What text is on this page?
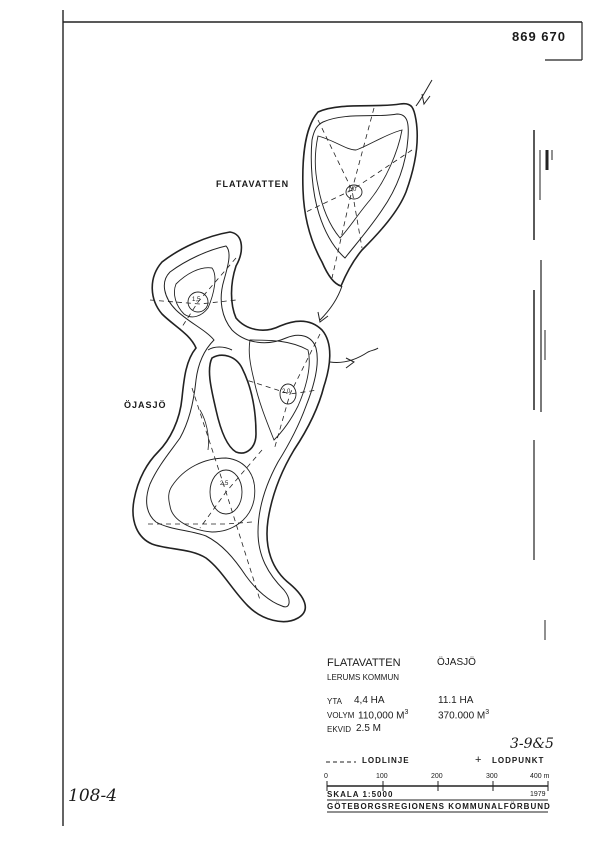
869 670
FLATAVATTEN
ÖJASJÖ
1,0
1,5
2,0
2,5
FLATAVATTEN	ÖJASJÖ
LERUMS KOMMUN
YTA 4,4 HA	11.1 HA
VOLYM 110,000 $M^3$	370.000 $M^3$
EKVID 2.5 M
3-9&5
LODLINJE	+ LODPUNKT
0	100	200	300	400 m
SKALA 1:5000	1979
GÖTEBORGSREGIONENS KOMMUNALFÖRBUND
108-4
